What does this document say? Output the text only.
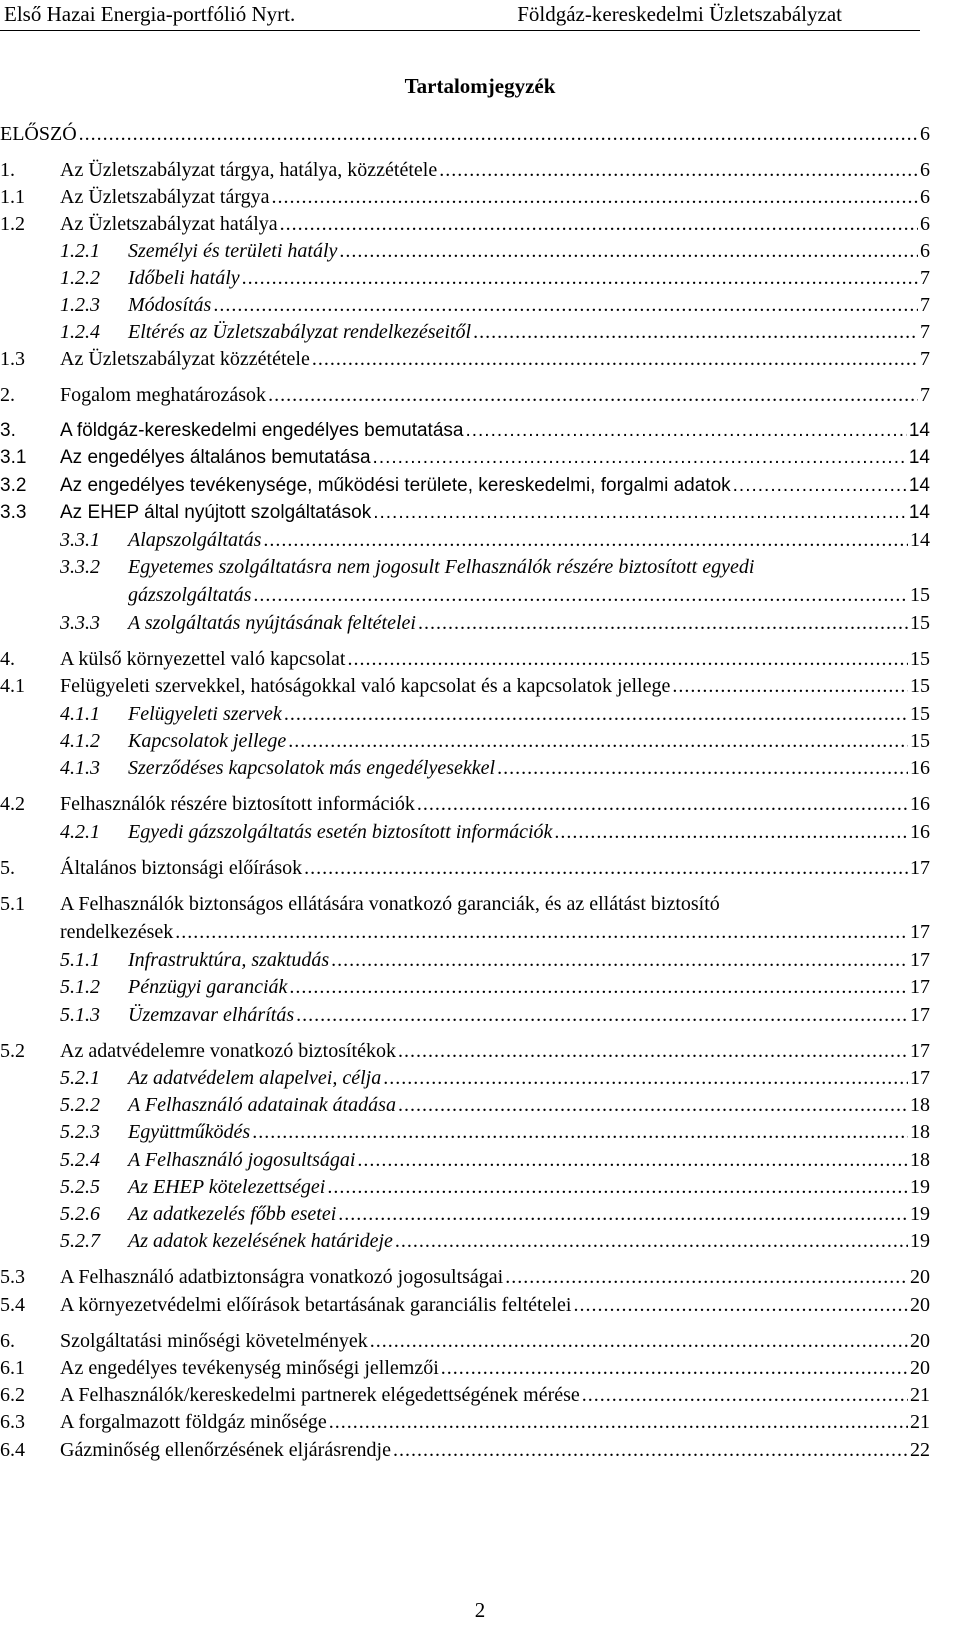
Első Hazai Energia-portfólió Nyrt.	Földgáz-kereskedelmi Üzletszabályzat
Tartalomjegyzék
ELŐSZÓ .....	6
1. Az Üzletszabályzat tárgya, hatálya, közzététele .....	6
1.1 Az Üzletszabályzat tárgya .....	6
1.2 Az Üzletszabályzat hatálya .....	6
1.2.1 Személyi és területi hatály .....	6
1.2.2 Időbeli hatály .....	7
1.2.3 Módosítás .....	7
1.2.4 Eltérés az Üzletszabályzat rendelkezéseitől .....	7
1.3 Az Üzletszabályzat közzététele .....	7
2. Fogalom meghatározások .....	7
3. A földgáz-kereskedelmi engedélyes bemutatása .....	14
3.1 Az engedélyes általános bemutatása .....	14
3.2 Az engedélyes tevékenysége, működési területe, kereskedelmi, forgalmi adatok .....	14
3.3 Az EHEP által nyújtott szolgáltatások .....	14
3.3.1 Alapszolgáltatás .....	14
3.3.2 Egyetemes szolgáltatásra nem jogosult Felhasználók részére biztosított egyedi
gázszolgáltatás .....	15
3.3.3 A szolgáltatás nyújtásának feltételei .....	15
4. A külső környezettel való kapcsolat .....	15
4.1 Felügyeleti szervekkel, hatóságokkal való kapcsolat és a kapcsolatok jellege .....	15
4.1.1 Felügyeleti szervek .....	15
4.1.2 Kapcsolatok jellege .....	15
4.1.3 Szerződéses kapcsolatok más engedélyesekkel .....	16
4.2 Felhasználók részére biztosított információk .....	16
4.2.1 Egyedi gázszolgáltatás esetén biztosított információk .....	16
5. Általános biztonsági előírások .....	17
5.1 A Felhasználók biztonságos ellátására vonatkozó garanciák, és az ellátást biztosító
rendelkezések .....	17
5.1.1 Infrastruktúra, szaktudás .....	17
5.1.2 Pénzügyi garanciák .....	17
5.1.3 Üzemzavar elhárítás .....	17
5.2 Az adatvédelemre vonatkozó biztosítékok .....	17
5.2.1 Az adatvédelem alapelvei, célja .....	17
5.2.2 A Felhasználó adatainak átadása .....	18
5.2.3 Együttműködés .....	18
5.2.4 A Felhasználó jogosultságai .....	18
5.2.5 Az EHEP kötelezettségei .....	19
5.2.6 Az adatkezelés főbb esetei .....	19
5.2.7 Az adatok kezelésének határideje .....	19
5.3 A Felhasználó adatbiztonságra vonatkozó jogosultságai .....	20
5.4 A környezetvédelmi előírások betartásának garanciális feltételei .....	20
6. Szolgáltatási minőségi követelmények .....	20
6.1 Az engedélyes tevékenység minőségi jellemzői .....	20
6.2 A Felhasználók/kereskedelmi partnerek elégedettségének mérése .....	21
6.3 A forgalmazott földgáz minősége .....	21
6.4 Gázminőség ellenőrzésének eljárásrendje .....	22
2
